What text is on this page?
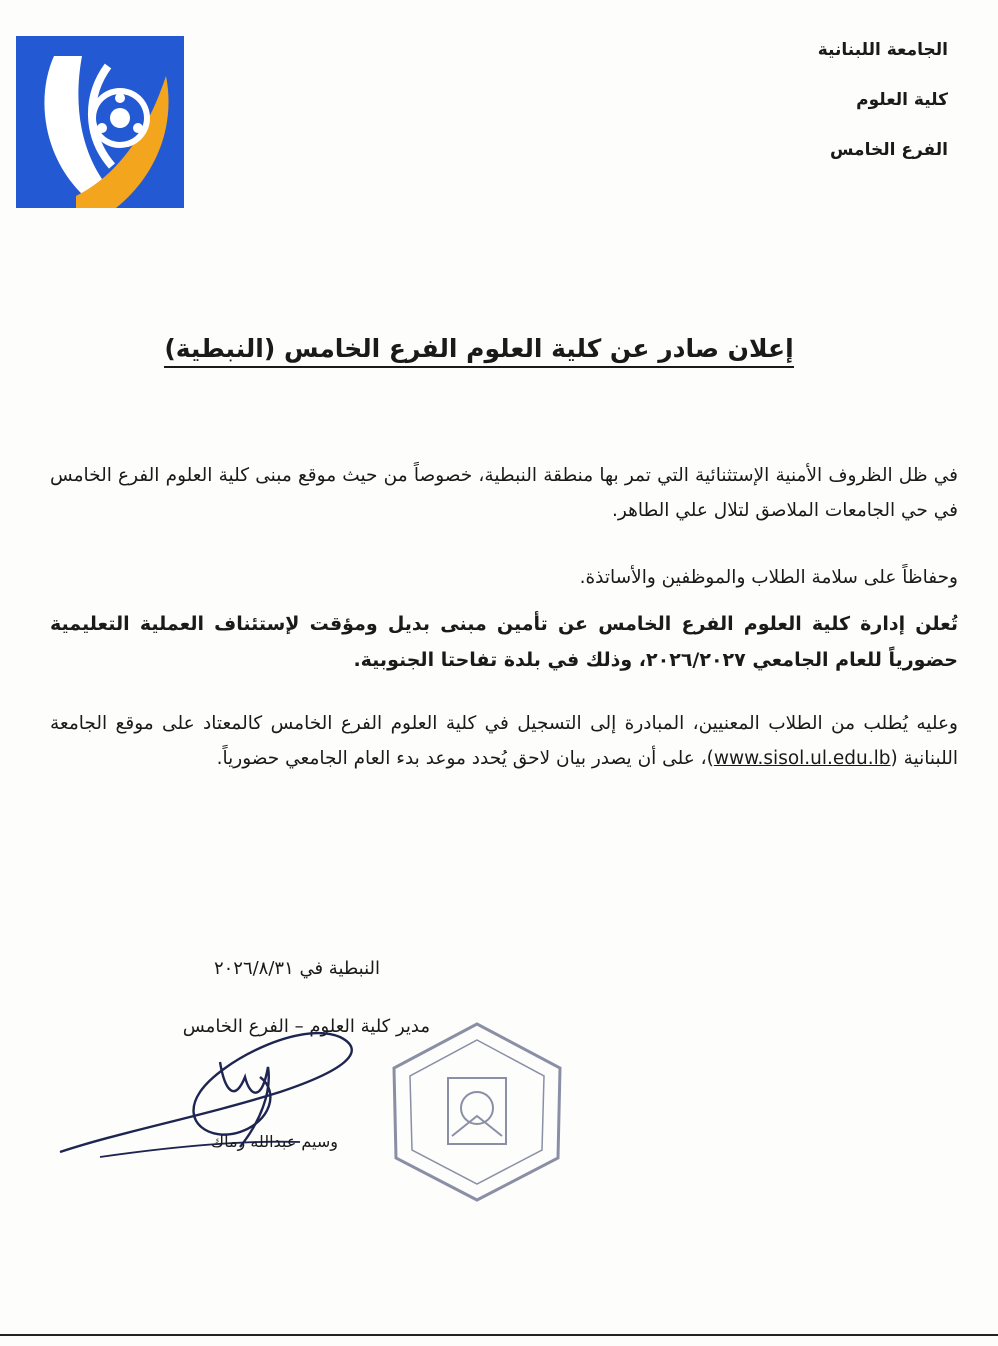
الجامعة اللبنانية
كلية العلوم
الفرع الخامس
إعلان صادر عن كلية العلوم الفرع الخامس (النبطية)
في ظل الظروف الأمنية الإستثنائية التي تمر بها منطقة النبطية، خصوصاً من حيث موقع مبنى كلية العلوم الفرع الخامس في حي الجامعات الملاصق لتلال علي الطاهر.
وحفاظاً على سلامة الطلاب والموظفين والأساتذة.
تُعلن إدارة كلية العلوم الفرع الخامس عن تأمين مبنى بديل ومؤقت لإستئناف العملية التعليمية حضورياً للعام الجامعي ٢٠٢٦/٢٠٢٧، وذلك في بلدة تفاحتا الجنوبية.
وعليه يُطلب من الطلاب المعنيين، المبادرة إلى التسجيل في كلية العلوم الفرع الخامس كالمعتاد على موقع الجامعة اللبنانية (www.sisol.ul.edu.lb)، على أن يصدر بيان لاحق يُحدد موعد بدء العام الجامعي حضورياً.
النبطية في ٢٠٢٦/٨/٣١
مدير كلية العلوم – الفرع الخامس
وسيم عبدالله رماك
